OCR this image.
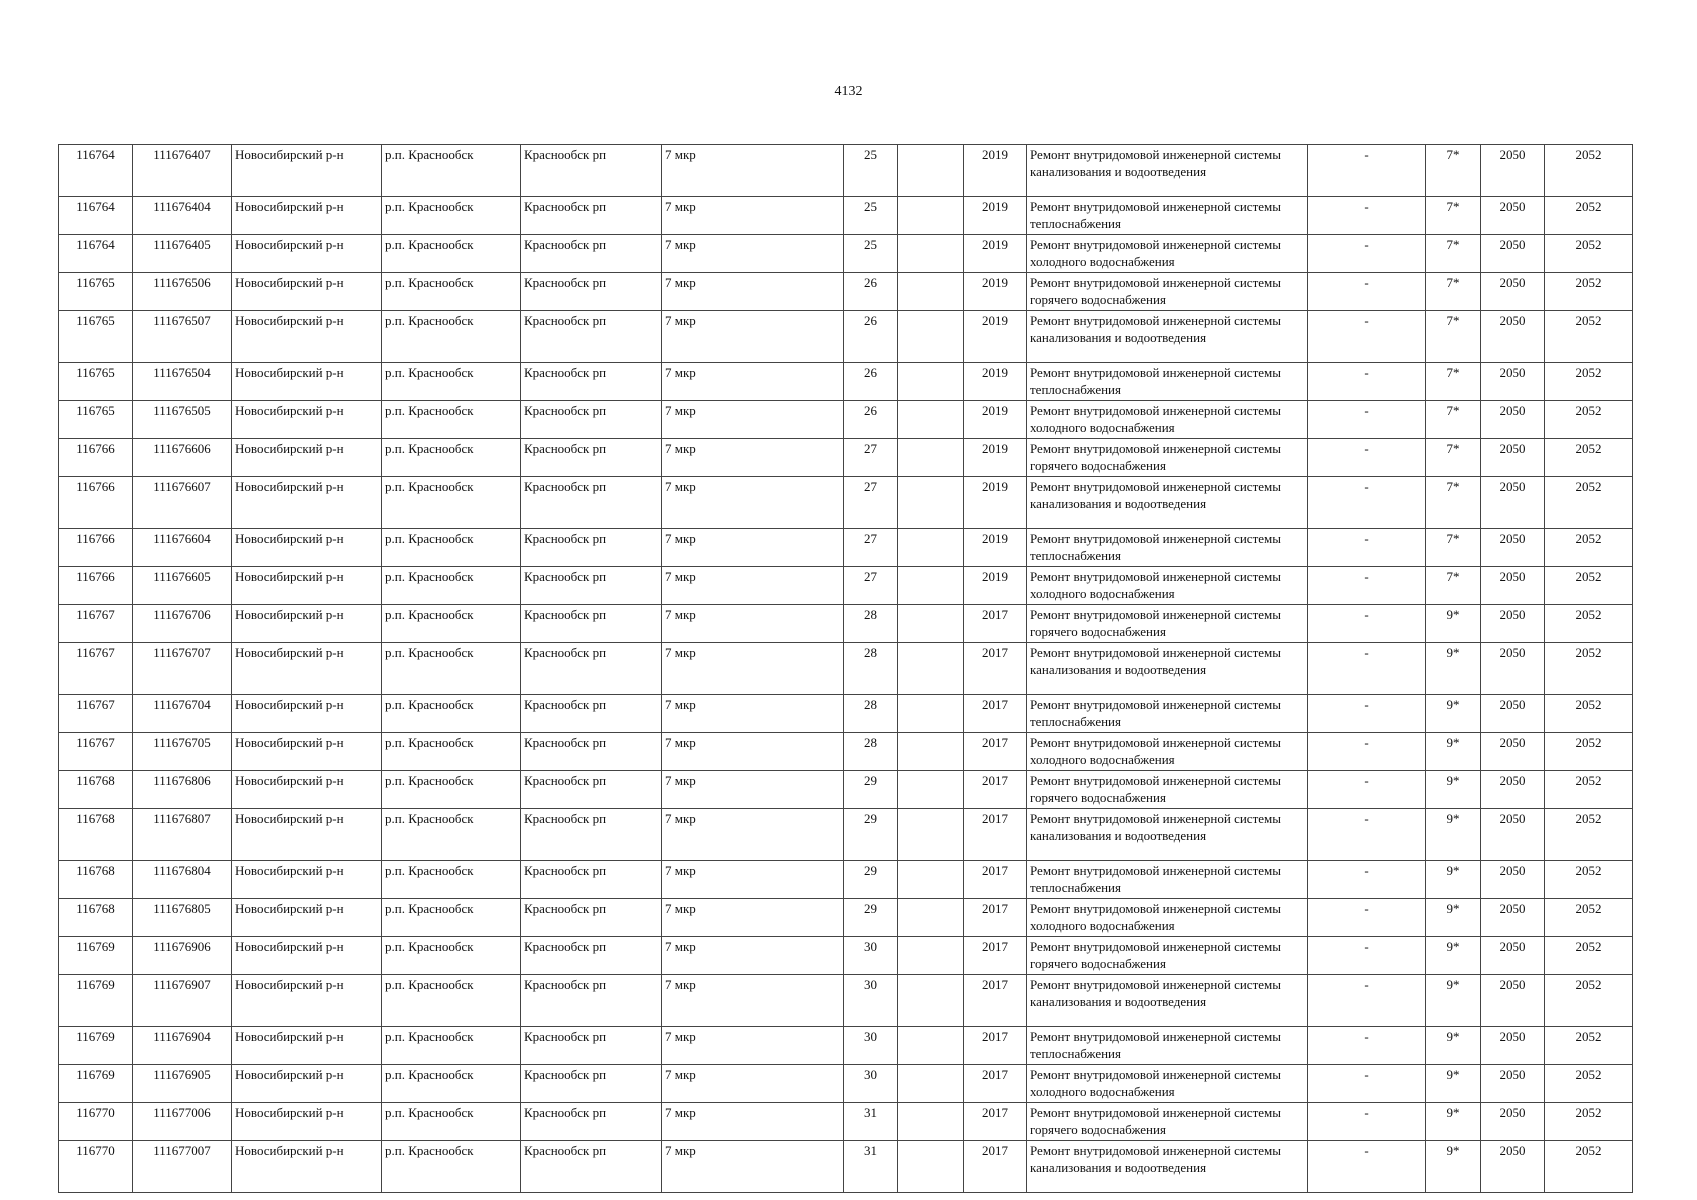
4132
116764	111676407	Новосибирский р-н	р.п. Краснообск	Краснообск рп	7 мкр	25		2019	Ремонт внутридомовой инженерной системы канализования и водоотведения	-	7*	2050	2052
116764	111676404	Новосибирский р-н	р.п. Краснообск	Краснообск рп	7 мкр	25		2019	Ремонт внутридомовой инженерной системы теплоснабжения	-	7*	2050	2052
116764	111676405	Новосибирский р-н	р.п. Краснообск	Краснообск рп	7 мкр	25		2019	Ремонт внутридомовой инженерной системы холодного водоснабжения	-	7*	2050	2052
116765	111676506	Новосибирский р-н	р.п. Краснообск	Краснообск рп	7 мкр	26		2019	Ремонт внутридомовой инженерной системы горячего водоснабжения	-	7*	2050	2052
116765	111676507	Новосибирский р-н	р.п. Краснообск	Краснообск рп	7 мкр	26		2019	Ремонт внутридомовой инженерной системы канализования и водоотведения	-	7*	2050	2052
116765	111676504	Новосибирский р-н	р.п. Краснообск	Краснообск рп	7 мкр	26		2019	Ремонт внутридомовой инженерной системы теплоснабжения	-	7*	2050	2052
116765	111676505	Новосибирский р-н	р.п. Краснообск	Краснообск рп	7 мкр	26		2019	Ремонт внутридомовой инженерной системы холодного водоснабжения	-	7*	2050	2052
116766	111676606	Новосибирский р-н	р.п. Краснообск	Краснообск рп	7 мкр	27		2019	Ремонт внутридомовой инженерной системы горячего водоснабжения	-	7*	2050	2052
116766	111676607	Новосибирский р-н	р.п. Краснообск	Краснообск рп	7 мкр	27		2019	Ремонт внутридомовой инженерной системы канализования и водоотведения	-	7*	2050	2052
116766	111676604	Новосибирский р-н	р.п. Краснообск	Краснообск рп	7 мкр	27		2019	Ремонт внутридомовой инженерной системы теплоснабжения	-	7*	2050	2052
116766	111676605	Новосибирский р-н	р.п. Краснообск	Краснообск рп	7 мкр	27		2019	Ремонт внутридомовой инженерной системы холодного водоснабжения	-	7*	2050	2052
116767	111676706	Новосибирский р-н	р.п. Краснообск	Краснообск рп	7 мкр	28		2017	Ремонт внутридомовой инженерной системы горячего водоснабжения	-	9*	2050	2052
116767	111676707	Новосибирский р-н	р.п. Краснообск	Краснообск рп	7 мкр	28		2017	Ремонт внутридомовой инженерной системы канализования и водоотведения	-	9*	2050	2052
116767	111676704	Новосибирский р-н	р.п. Краснообск	Краснообск рп	7 мкр	28		2017	Ремонт внутридомовой инженерной системы теплоснабжения	-	9*	2050	2052
116767	111676705	Новосибирский р-н	р.п. Краснообск	Краснообск рп	7 мкр	28		2017	Ремонт внутридомовой инженерной системы холодного водоснабжения	-	9*	2050	2052
116768	111676806	Новосибирский р-н	р.п. Краснообск	Краснообск рп	7 мкр	29		2017	Ремонт внутридомовой инженерной системы горячего водоснабжения	-	9*	2050	2052
116768	111676807	Новосибирский р-н	р.п. Краснообск	Краснообск рп	7 мкр	29		2017	Ремонт внутридомовой инженерной системы канализования и водоотведения	-	9*	2050	2052
116768	111676804	Новосибирский р-н	р.п. Краснообск	Краснообск рп	7 мкр	29		2017	Ремонт внутридомовой инженерной системы теплоснабжения	-	9*	2050	2052
116768	111676805	Новосибирский р-н	р.п. Краснообск	Краснообск рп	7 мкр	29		2017	Ремонт внутридомовой инженерной системы холодного водоснабжения	-	9*	2050	2052
116769	111676906	Новосибирский р-н	р.п. Краснообск	Краснообск рп	7 мкр	30		2017	Ремонт внутридомовой инженерной системы горячего водоснабжения	-	9*	2050	2052
116769	111676907	Новосибирский р-н	р.п. Краснообск	Краснообск рп	7 мкр	30		2017	Ремонт внутридомовой инженерной системы канализования и водоотведения	-	9*	2050	2052
116769	111676904	Новосибирский р-н	р.п. Краснообск	Краснообск рп	7 мкр	30		2017	Ремонт внутридомовой инженерной системы теплоснабжения	-	9*	2050	2052
116769	111676905	Новосибирский р-н	р.п. Краснообск	Краснообск рп	7 мкр	30		2017	Ремонт внутридомовой инженерной системы холодного водоснабжения	-	9*	2050	2052
116770	111677006	Новосибирский р-н	р.п. Краснообск	Краснообск рп	7 мкр	31		2017	Ремонт внутридомовой инженерной системы горячего водоснабжения	-	9*	2050	2052
116770	111677007	Новосибирский р-н	р.п. Краснообск	Краснообск рп	7 мкр	31		2017	Ремонт внутридомовой инженерной системы канализования и водоотведения	-	9*	2050	2052
